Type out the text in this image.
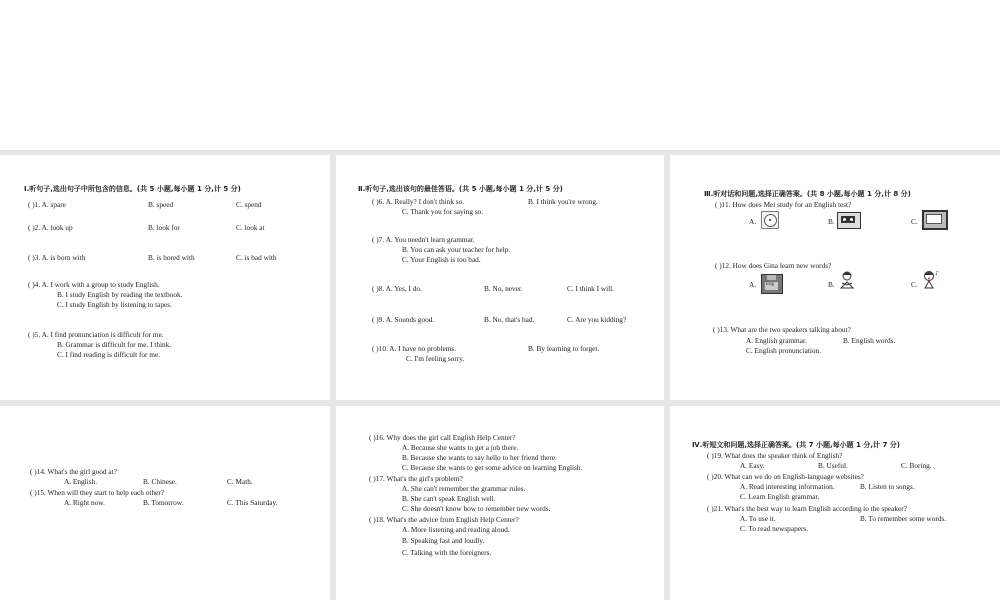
Ⅰ.听句子,选出句子中所包含的信息。(共 5 小题,每小题 1 分,计 5 分)
( )1. A. spare	B. speed	C. spend
( )2. A. look up	B. look for	C. look at
( )3. A. is born with	B. is bored with	C. is bad with
( )4. A. I work with a group to study English.
B. I study English by reading the textbook.
C. I study English by listening to tapes.
( )5. A. I find pronunciation is difficult for me.
B. Grammar is difficult for me. I think.
C. I find reading is difficult for me.
Ⅱ.听句子,选出该句的最佳答语。(共 5 小题,每小题 1 分,计 5 分)
( )6. A. Really? I don't think so.	B. I think you're wrong.
C. Thank you for saying so.
( )7. A. You needn't learn grammar.
B. You can ask your teacher for help.
C. Your English is too bad.
( )8. A. Yes, I do.	B. No, never.	C. I think I will.
( )9. A. Sounds good.	B. No, that's bad.	C. Are you kidding?
( )10. A. I have no problems.	B. By learning to forget.
C. I'm feeling sorry.
Ⅲ.听对话和问题,选择正确答案。(共 8 小题,每小题 1 分,计 8 分)
( )11. How does Mei study for an English test?
A.	B.	C.
( )12. How does Gina learn new words?
A. Eng	B.	C.
♪
( )13. What are the two speakers talking about?
A. English grammar.	B. English words.
C. English pronunciation.
( )14. What's the girl good at?
A. English.	B. Chinese.	C. Math.
( )15. When will they start to help each other?
A. Right now.	B. Tomorrow.	C. This Saturday.
( )16. Why does the girl call English Help Center?
A. Because she wants to get a job there.
B. Because she wants to say hello to her friend there.
C. Because she wants to get some advice on learning English.
( )17. What's the girl's problem?
A. She can't remember the grammar rules.
B. She can't speak English well.
C. She doesn't know how to remember new words.
( )18. What's the advice from English Help Center?
A. More listening and reading aloud.
B. Speaking fast and loudly.
C. Talking with the foreigners.
Ⅳ.听短文和问题,选择正确答案。(共 7 小题,每小题 1 分,计 7 分)
( )19. What does the speaker think of English?
A. Easy.	B. Useful.	C. Boring.
( )20. What can we do on English-language websites?
A. Read interesting information.	B. Listen to songs.
C. Learn English grammar.
( )21. What's the best way to learn English according to the speaker?
A. To use it.	B. To remember some words.
C. To read newspapers.
